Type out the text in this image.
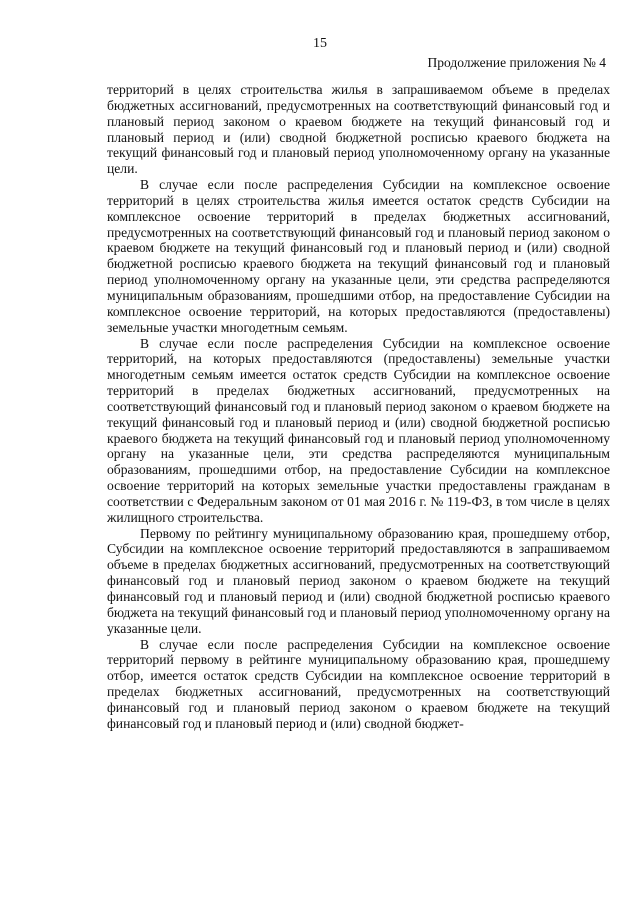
15
Продолжение приложения № 4

территорий в целях строительства жилья в запрашиваемом объеме в пределах бюджетных ассигнований, предусмотренных на соответствующий финансовый год и плановый период законом о краевом бюджете на текущий финансовый год и плановый период и (или) сводной бюджетной росписью краевого бюджета на текущий финансовый год и плановый период уполномоченному органу на указанные цели.

В случае если после распределения Субсидии на комплексное освоение территорий в целях строительства жилья имеется остаток средств Субсидии на комплексное освоение территорий в пределах бюджетных ассигнований, предусмотренных на соответствующий финансовый год и плановый период законом о краевом бюджете на текущий финансовый год и плановый период и (или) сводной бюджетной росписью краевого бюджета на текущий финансовый год и плановый период уполномоченному органу на указанные цели, эти средства распределяются муниципальным образованиям, прошедшими отбор, на предоставление Субсидии на комплексное освоение территорий, на которых предоставляются (предоставлены) земельные участки многодетным семьям.

В случае если после распределения Субсидии на комплексное освоение территорий, на которых предоставляются (предоставлены) земельные участки многодетным семьям имеется остаток средств Субсидии на комплексное освоение территорий в пределах бюджетных ассигнований, предусмотренных на соответствующий финансовый год и плановый период законом о краевом бюджете на текущий финансовый год и плановый период и (или) сводной бюджетной росписью краевого бюджета на текущий финансовый год и плановый период уполномоченному органу на указанные цели, эти средства распределяются муниципальным образованиям, прошедшими отбор, на предоставление Субсидии на комплексное освоение территорий на которых земельные участки предоставлены гражданам в соответствии с Федеральным законом от 01 мая 2016 г. № 119-ФЗ, в том числе в целях жилищного строительства.

Первому по рейтингу муниципальному образованию края, прошедшему отбор, Субсидии на комплексное освоение территорий предоставляются в запрашиваемом объеме в пределах бюджетных ассигнований, предусмотренных на соответствующий финансовый год и плановый период законом о краевом бюджете на текущий финансовый год и плановый период и (или) сводной бюджетной росписью краевого бюджета на текущий финансовый год и плановый период уполномоченному органу на указанные цели.

В случае если после распределения Субсидии на комплексное освоение территорий первому в рейтинге муниципальному образованию края, прошедшему отбор, имеется остаток средств Субсидии на комплексное освоение территорий в пределах бюджетных ассигнований, предусмотренных на соответствующий финансовый год и плановый период законом о краевом бюджете на текущий финансовый год и плановый период и (или) сводной бюджет-
